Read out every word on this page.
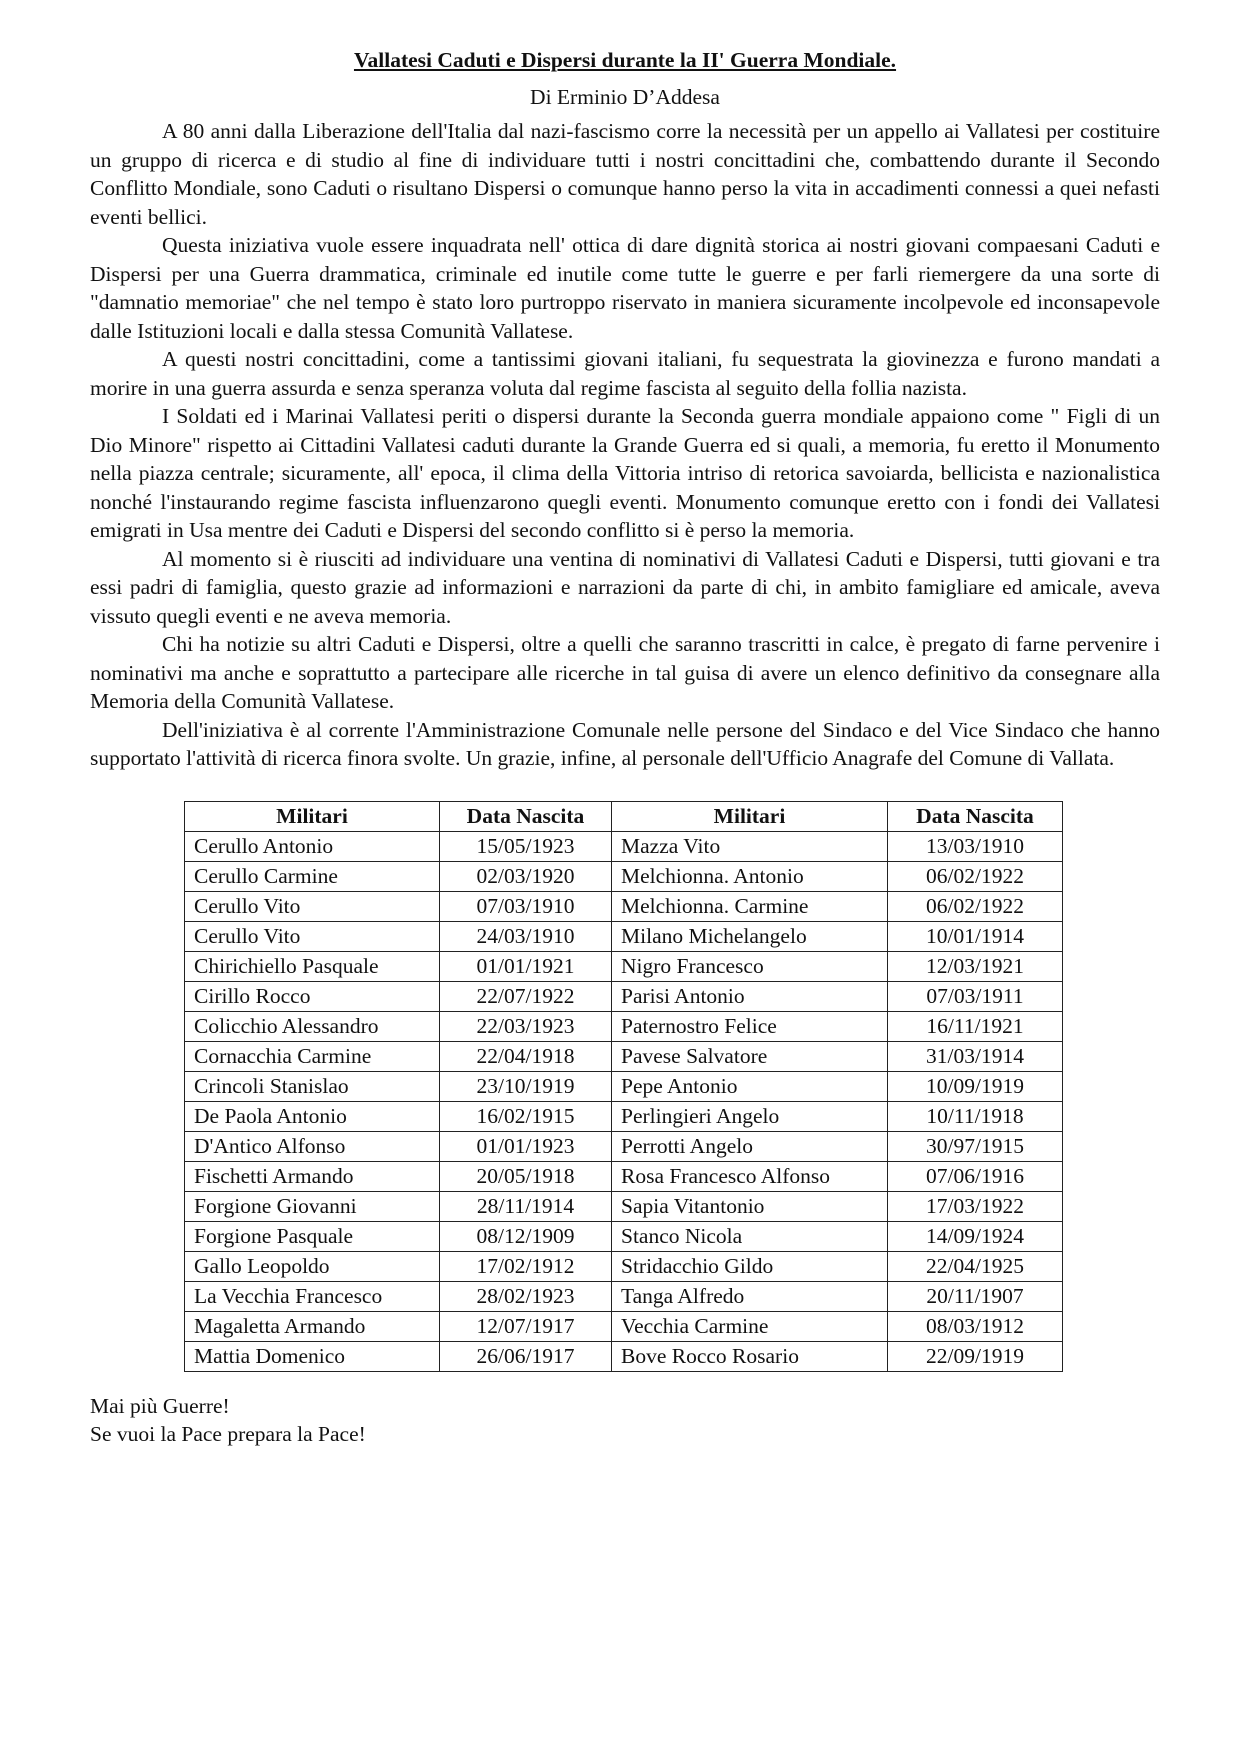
Vallatesi Caduti e Dispersi durante la II' Guerra Mondiale.
Di Erminio D’Addesa

A 80 anni dalla Liberazione dell'Italia dal nazi-fascismo corre la necessità per un appello ai Vallatesi per costituire un gruppo di ricerca e di studio al fine di individuare tutti i nostri concittadini che, combattendo durante il Secondo Conflitto Mondiale, sono Caduti o risultano Dispersi o comunque hanno perso la vita in accadimenti connessi a quei nefasti eventi bellici.

Questa iniziativa vuole essere inquadrata nell' ottica di dare dignità storica ai nostri giovani compaesani Caduti e Dispersi per una Guerra drammatica, criminale ed inutile come tutte le guerre e per farli riemergere da una sorte di "damnatio memoriae" che nel tempo è stato loro purtroppo riservato in maniera sicuramente incolpevole ed inconsapevole dalle Istituzioni locali e dalla stessa Comunità Vallatese.

A questi nostri concittadini, come a tantissimi giovani italiani, fu sequestrata la giovinezza e furono mandati a morire in una guerra assurda e senza speranza voluta dal regime fascista al seguito della follia nazista.

I Soldati ed i Marinai Vallatesi periti o dispersi durante la Seconda guerra mondiale appaiono come " Figli di un Dio Minore" rispetto ai Cittadini Vallatesi caduti durante la Grande Guerra ed si quali, a memoria, fu eretto il Monumento nella piazza centrale; sicuramente, all' epoca, il clima della Vittoria intriso di retorica savoiarda, bellicista e nazionalistica nonché l'instaurando regime fascista influenzarono quegli eventi. Monumento comunque eretto con i fondi dei Vallatesi emigrati in Usa mentre dei Caduti e Dispersi del secondo conflitto si è perso la memoria.

Al momento si è riusciti ad individuare una ventina di nominativi di Vallatesi Caduti e Dispersi, tutti giovani e tra essi padri di famiglia, questo grazie ad informazioni e narrazioni da parte di chi, in ambito famigliare ed amicale, aveva vissuto quegli eventi e ne aveva memoria.

Chi ha notizie su altri Caduti e Dispersi, oltre a quelli che saranno trascritti in calce, è pregato di farne pervenire i nominativi ma anche e soprattutto a partecipare alle ricerche in tal guisa di avere un elenco definitivo da consegnare alla Memoria della Comunità Vallatese.

Dell'iniziativa è al corrente l'Amministrazione Comunale nelle persone del Sindaco e del Vice Sindaco che hanno supportato l'attività di ricerca finora svolte. Un grazie, infine, al personale dell'Ufficio Anagrafe del Comune di Vallata.

Militari	Data Nascita	Militari	Data Nascita
Cerullo Antonio	15/05/1923	Mazza Vito	13/03/1910
Cerullo Carmine	02/03/1920	Melchionna. Antonio	06/02/1922
Cerullo Vito	07/03/1910	Melchionna. Carmine	06/02/1922
Cerullo Vito	24/03/1910	Milano Michelangelo	10/01/1914
Chirichiello Pasquale	01/01/1921	Nigro Francesco	12/03/1921
Cirillo Rocco	22/07/1922	Parisi Antonio	07/03/1911
Colicchio Alessandro	22/03/1923	Paternostro Felice	16/11/1921
Cornacchia Carmine	22/04/1918	Pavese Salvatore	31/03/1914
Crincoli Stanislao	23/10/1919	Pepe Antonio	10/09/1919
De Paola Antonio	16/02/1915	Perlingieri Angelo	10/11/1918
D'Antico Alfonso	01/01/1923	Perrotti Angelo	30/97/1915
Fischetti Armando	20/05/1918	Rosa Francesco Alfonso	07/06/1916
Forgione Giovanni	28/11/1914	Sapia Vitantonio	17/03/1922
Forgione Pasquale	08/12/1909	Stanco Nicola	14/09/1924
Gallo Leopoldo	17/02/1912	Stridacchio Gildo	22/04/1925
La Vecchia Francesco	28/02/1923	Tanga Alfredo	20/11/1907
Magaletta Armando	12/07/1917	Vecchia Carmine	08/03/1912
Mattia Domenico	26/06/1917	Bove Rocco Rosario	22/09/1919
Mai più Guerre!
Se vuoi la Pace prepara la Pace!
